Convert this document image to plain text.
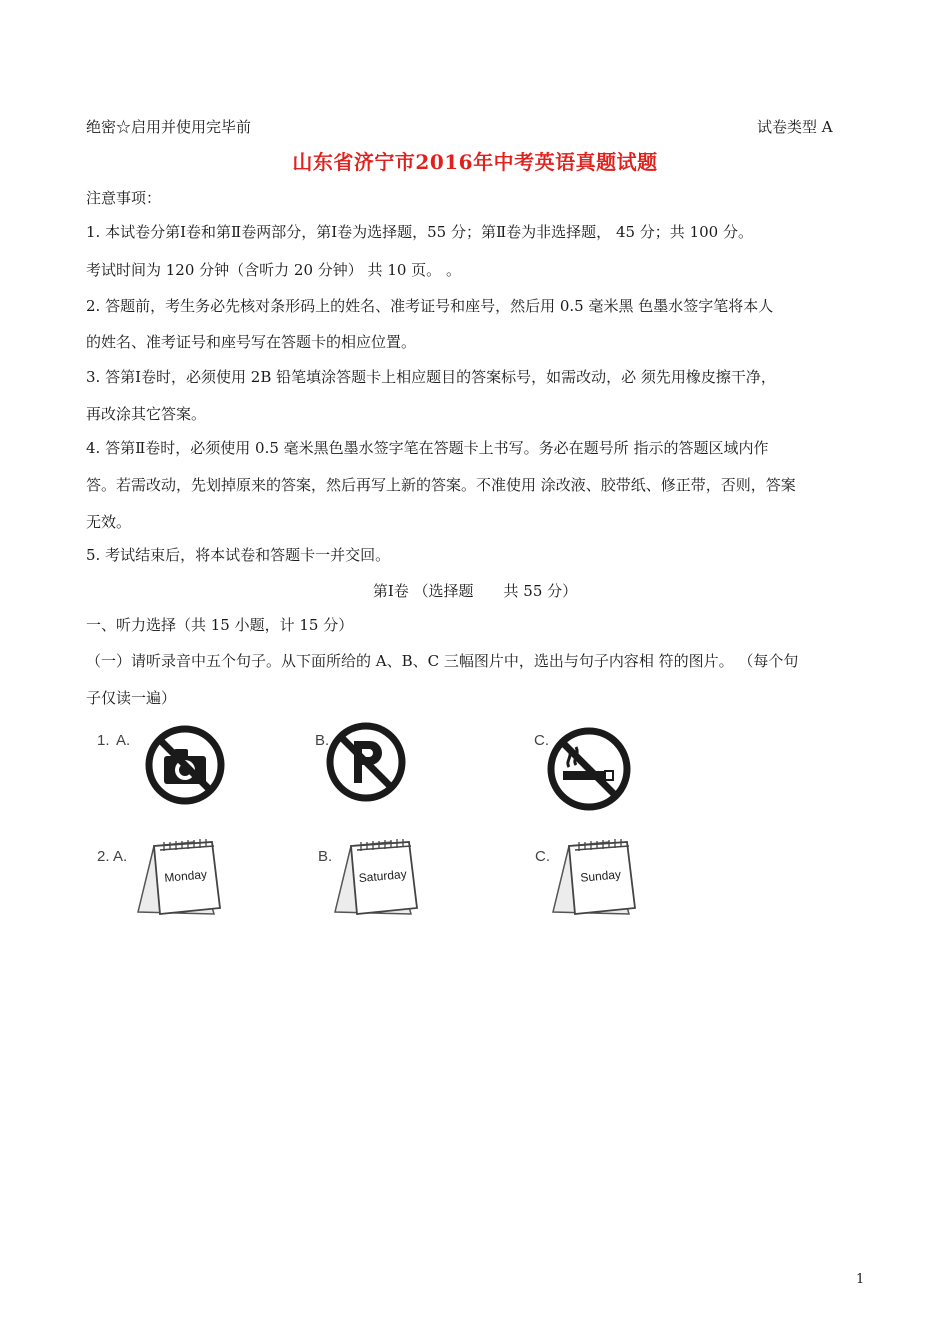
绝密☆启用并使用完毕前	试卷类型 A
山东省济宁市2016年中考英语真题试题
注意事项：
1. 本试卷分第Ⅰ卷和第Ⅱ卷两部分，第Ⅰ卷为选择题，55 分；第Ⅱ卷为非选择题， 45 分；共 100 分。
考试时间为 120 分钟（含听力 20 分钟） 共 10 页。 。
2. 答题前，考生务必先核对条形码上的姓名、准考证号和座号，然后用 0.5 毫米黑 色墨水签字笔将本人
的姓名、准考证号和座号写在答题卡的相应位置。
3. 答第Ⅰ卷时，必须使用 2B 铅笔填涂答题卡上相应题目的答案标号，如需改动，必 须先用橡皮擦干净，
再改涂其它答案。
4. 答第Ⅱ卷时，必须使用 0.5 毫米黑色墨水签字笔在答题卡上书写。务必在题号所 指示的答题区域内作
答。若需改动，先划掉原来的答案，然后再写上新的答案。不准使用 涂改液、胶带纸、修正带，否则，答案
无效。
5. 考试结束后，将本试卷和答题卡一并交回。
第Ⅰ卷 （选择题　　共 55 分）
一、听力选择（共 15 小题，计 15 分）
（一）请听录音中五个句子。从下面所给的 A、B、C 三幅图片中，选出与句子内容相 符的图片。 （每个句
子仅读一遍）
1. A.	B.	C.
2. A.
Monday
B.
Saturday
C.
Sunday
1
